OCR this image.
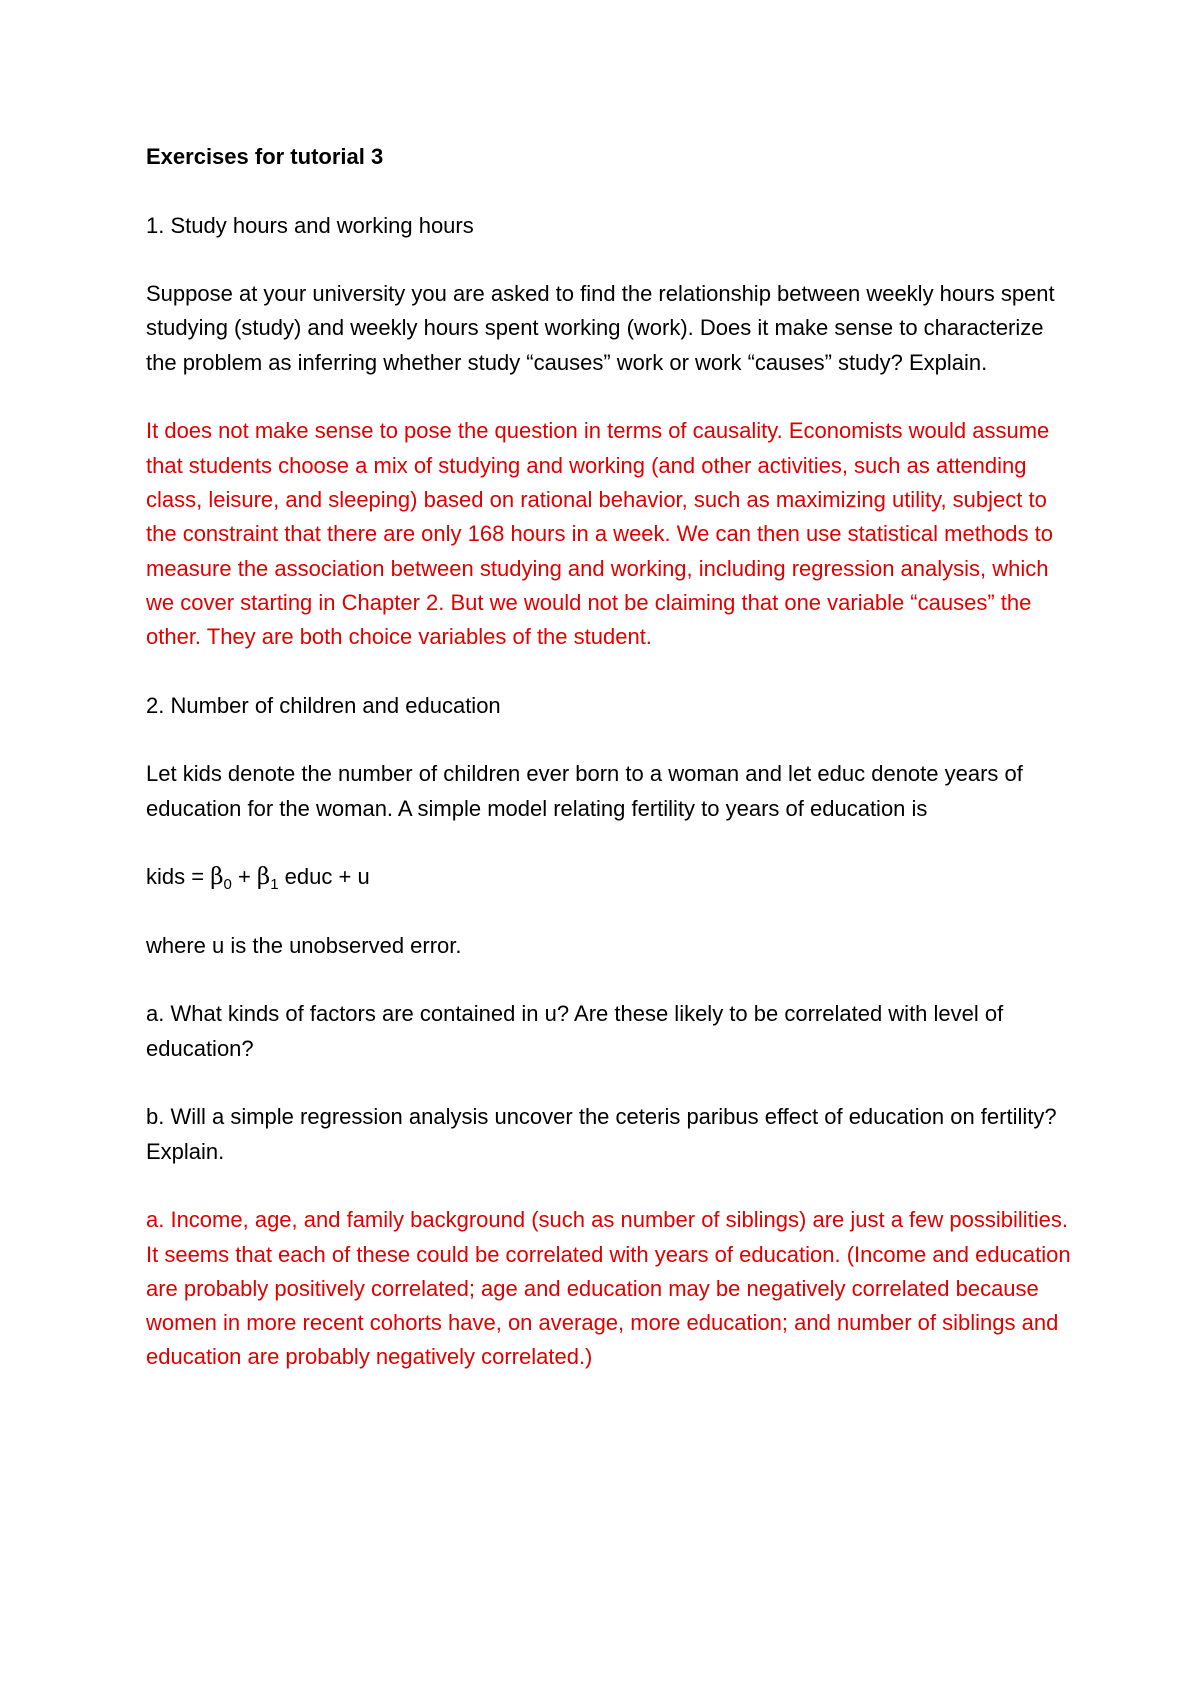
Exercises for tutorial 3

1. Study hours and working hours

Suppose at your university you are asked to find the relationship between weekly hours spent studying (study) and weekly hours spent working (work). Does it make sense to characterize the problem as inferring whether study “causes” work or work “causes” study? Explain.

It does not make sense to pose the question in terms of causality. Economists would assume that students choose a mix of studying and working (and other activities, such as attending class, leisure, and sleeping) based on rational behavior, such as maximizing utility, subject to the constraint that there are only 168 hours in a week. We can then use statistical methods to measure the association between studying and working, including regression analysis, which we cover starting in Chapter 2. But we would not be claiming that one variable “causes” the other. They are both choice variables of the student.

2. Number of children and education

Let kids denote the number of children ever born to a woman and let educ denote years of education for the woman. A simple model relating fertility to years of education is

kids = $\beta_0 + \beta_1$ educ + u

where u is the unobserved error.

a. What kinds of factors are contained in u? Are these likely to be correlated with level of education?

b. Will a simple regression analysis uncover the ceteris paribus effect of education on fertility? Explain.

a. Income, age, and family background (such as number of siblings) are just a few possibilities. It seems that each of these could be correlated with years of education. (Income and education are probably positively correlated; age and education may be negatively correlated because women in more recent cohorts have, on average, more education; and number of siblings and education are probably negatively correlated.)
